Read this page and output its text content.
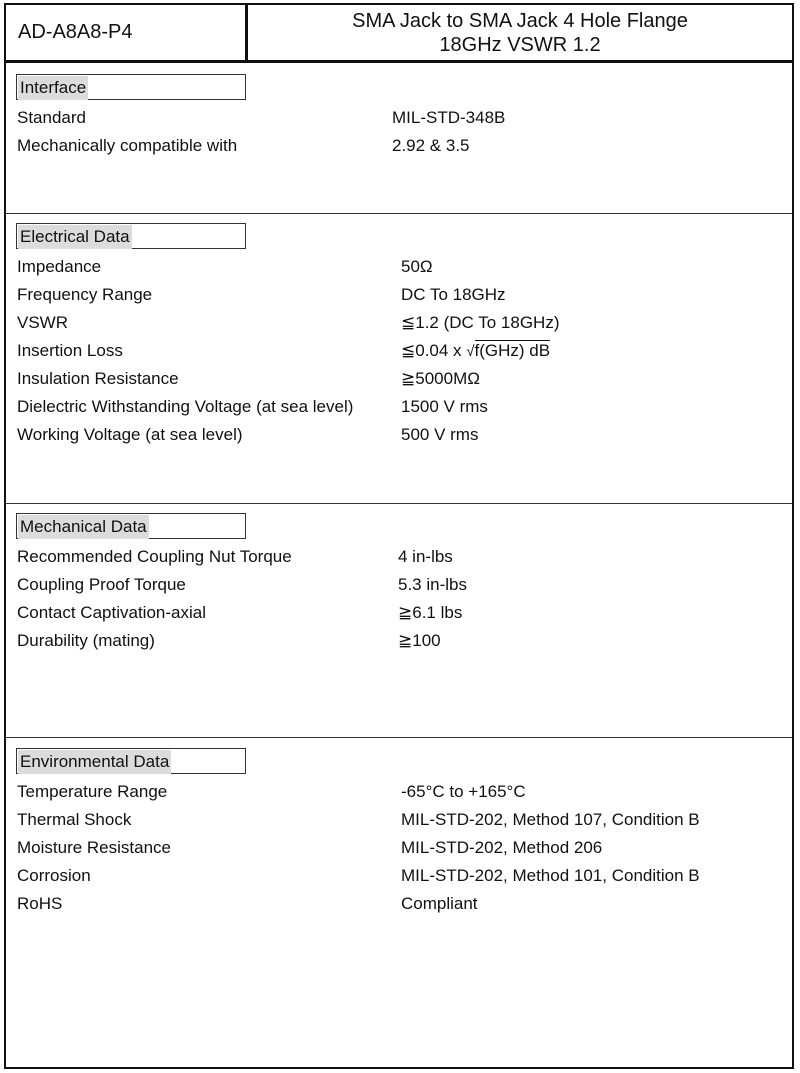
AD-A8A8-P4	SMA Jack to SMA Jack 4 Hole Flange
18GHz VSWR 1.2
Interface
Standard	MIL-STD-348B
Mechanically compatible with	2.92 & 3.5
Electrical Data
Impedance	50Ω
Frequency Range	DC To 18GHz
VSWR	≦1.2 (DC To 18GHz)
Insertion Loss	≦0.04 x √f(GHz) dB
Insulation Resistance	≧5000MΩ
Dielectric Withstanding Voltage (at sea level)	1500 V rms
Working Voltage (at sea level)	500 V rms
Mechanical Data
Recommended Coupling Nut Torque	4 in-lbs
Coupling Proof Torque	5.3 in-lbs
Contact Captivation-axial	≧6.1 lbs
Durability (mating)	≧100
Environmental Data
Temperature Range	-65°C to +165°C
Thermal Shock	MIL-STD-202, Method 107, Condition B
Moisture Resistance	MIL-STD-202, Method 206
Corrosion	MIL-STD-202, Method 101, Condition B
RoHS	Compliant
